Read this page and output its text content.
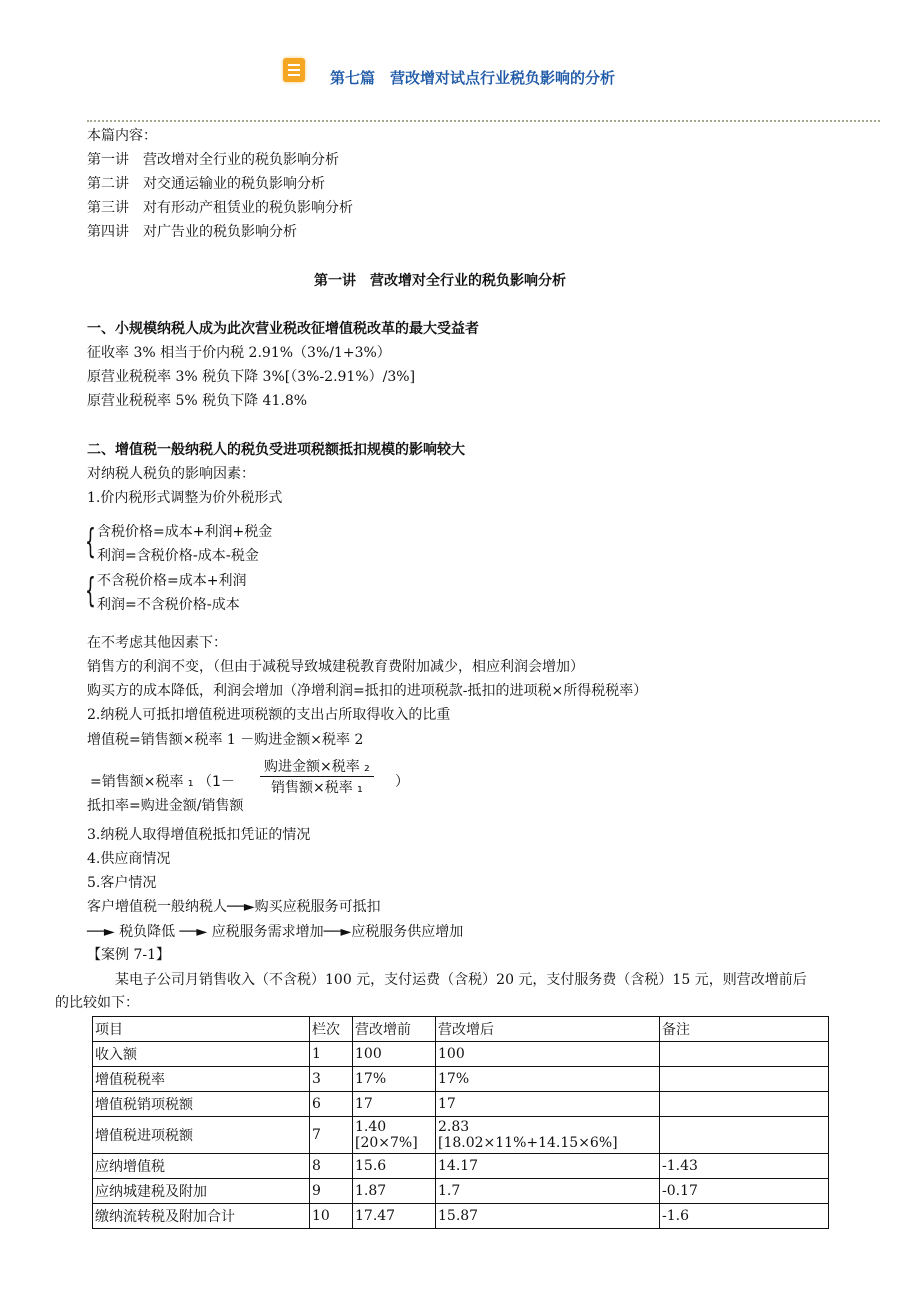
第七篇　营改增对试点行业税负影响的分析
本篇内容：
第一讲　营改增对全行业的税负影响分析
第二讲　对交通运输业的税负影响分析
第三讲　对有形动产租赁业的税负影响分析
第四讲　对广告业的税负影响分析
第一讲　营改增对全行业的税负影响分析
一、小规模纳税人成为此次营业税改征增值税改革的最大受益者
征收率 3% 相当于价内税 2.91%（3%/1+3%）
原营业税税率 3% 税负下降 3%[（3%-2.91%）/3%]
原营业税税率 5% 税负下降 41.8%
二、增值税一般纳税人的税负受进项税额抵扣规模的影响较大
对纳税人税负的影响因素：
1.价内税形式调整为价外税形式
{ 含税价格=成本+利润+税金
利润=含税价格-成本-税金
{ 不含税价格=成本+利润
利润=不含税价格-成本
在不考虑其他因素下：
销售方的利润不变，（但由于减税导致城建税教育费附加减少，相应利润会增加）
购买方的成本降低，利润会增加（净增利润=抵扣的进项税款-抵扣的进项税×所得税税率）
2.纳税人可抵扣增值税进项税额的支出占所取得收入的比重
增值税=销售额×税率 1 －购进金额×税率 2
=销售额×税率 ₁ （1－
购进金额×税率 ₂
销售额×税率 ₁	）
抵扣率=购进金额/销售额
3.纳税人取得增值税抵扣凭证的情况
4.供应商情况
5.客户情况
客户增值税一般纳税人──►购买应税服务可抵扣
──► 税负降低 ──► 应税服务需求增加──►应税服务供应增加
【案例 7-1】
某电子公司月销售收入（不含税）100 元，支付运费（含税）20 元，支付服务费（含税）15 元，则营改增前后
的比较如下：
项目	栏次	营改增前	营改增后	备注
收入额	1	100	100	
增值税税率	3	17%	17%	
增值税销项税额	6	17	17	
增值税进项税额	7	1.40
[20×7%]	2.83
[18.02×11%+14.15×6%]	
应纳增值税	8	15.6	14.17	-1.43
应纳城建税及附加	9	1.87	1.7	-0.17
缴纳流转税及附加合计	10	17.47	15.87	-1.6
